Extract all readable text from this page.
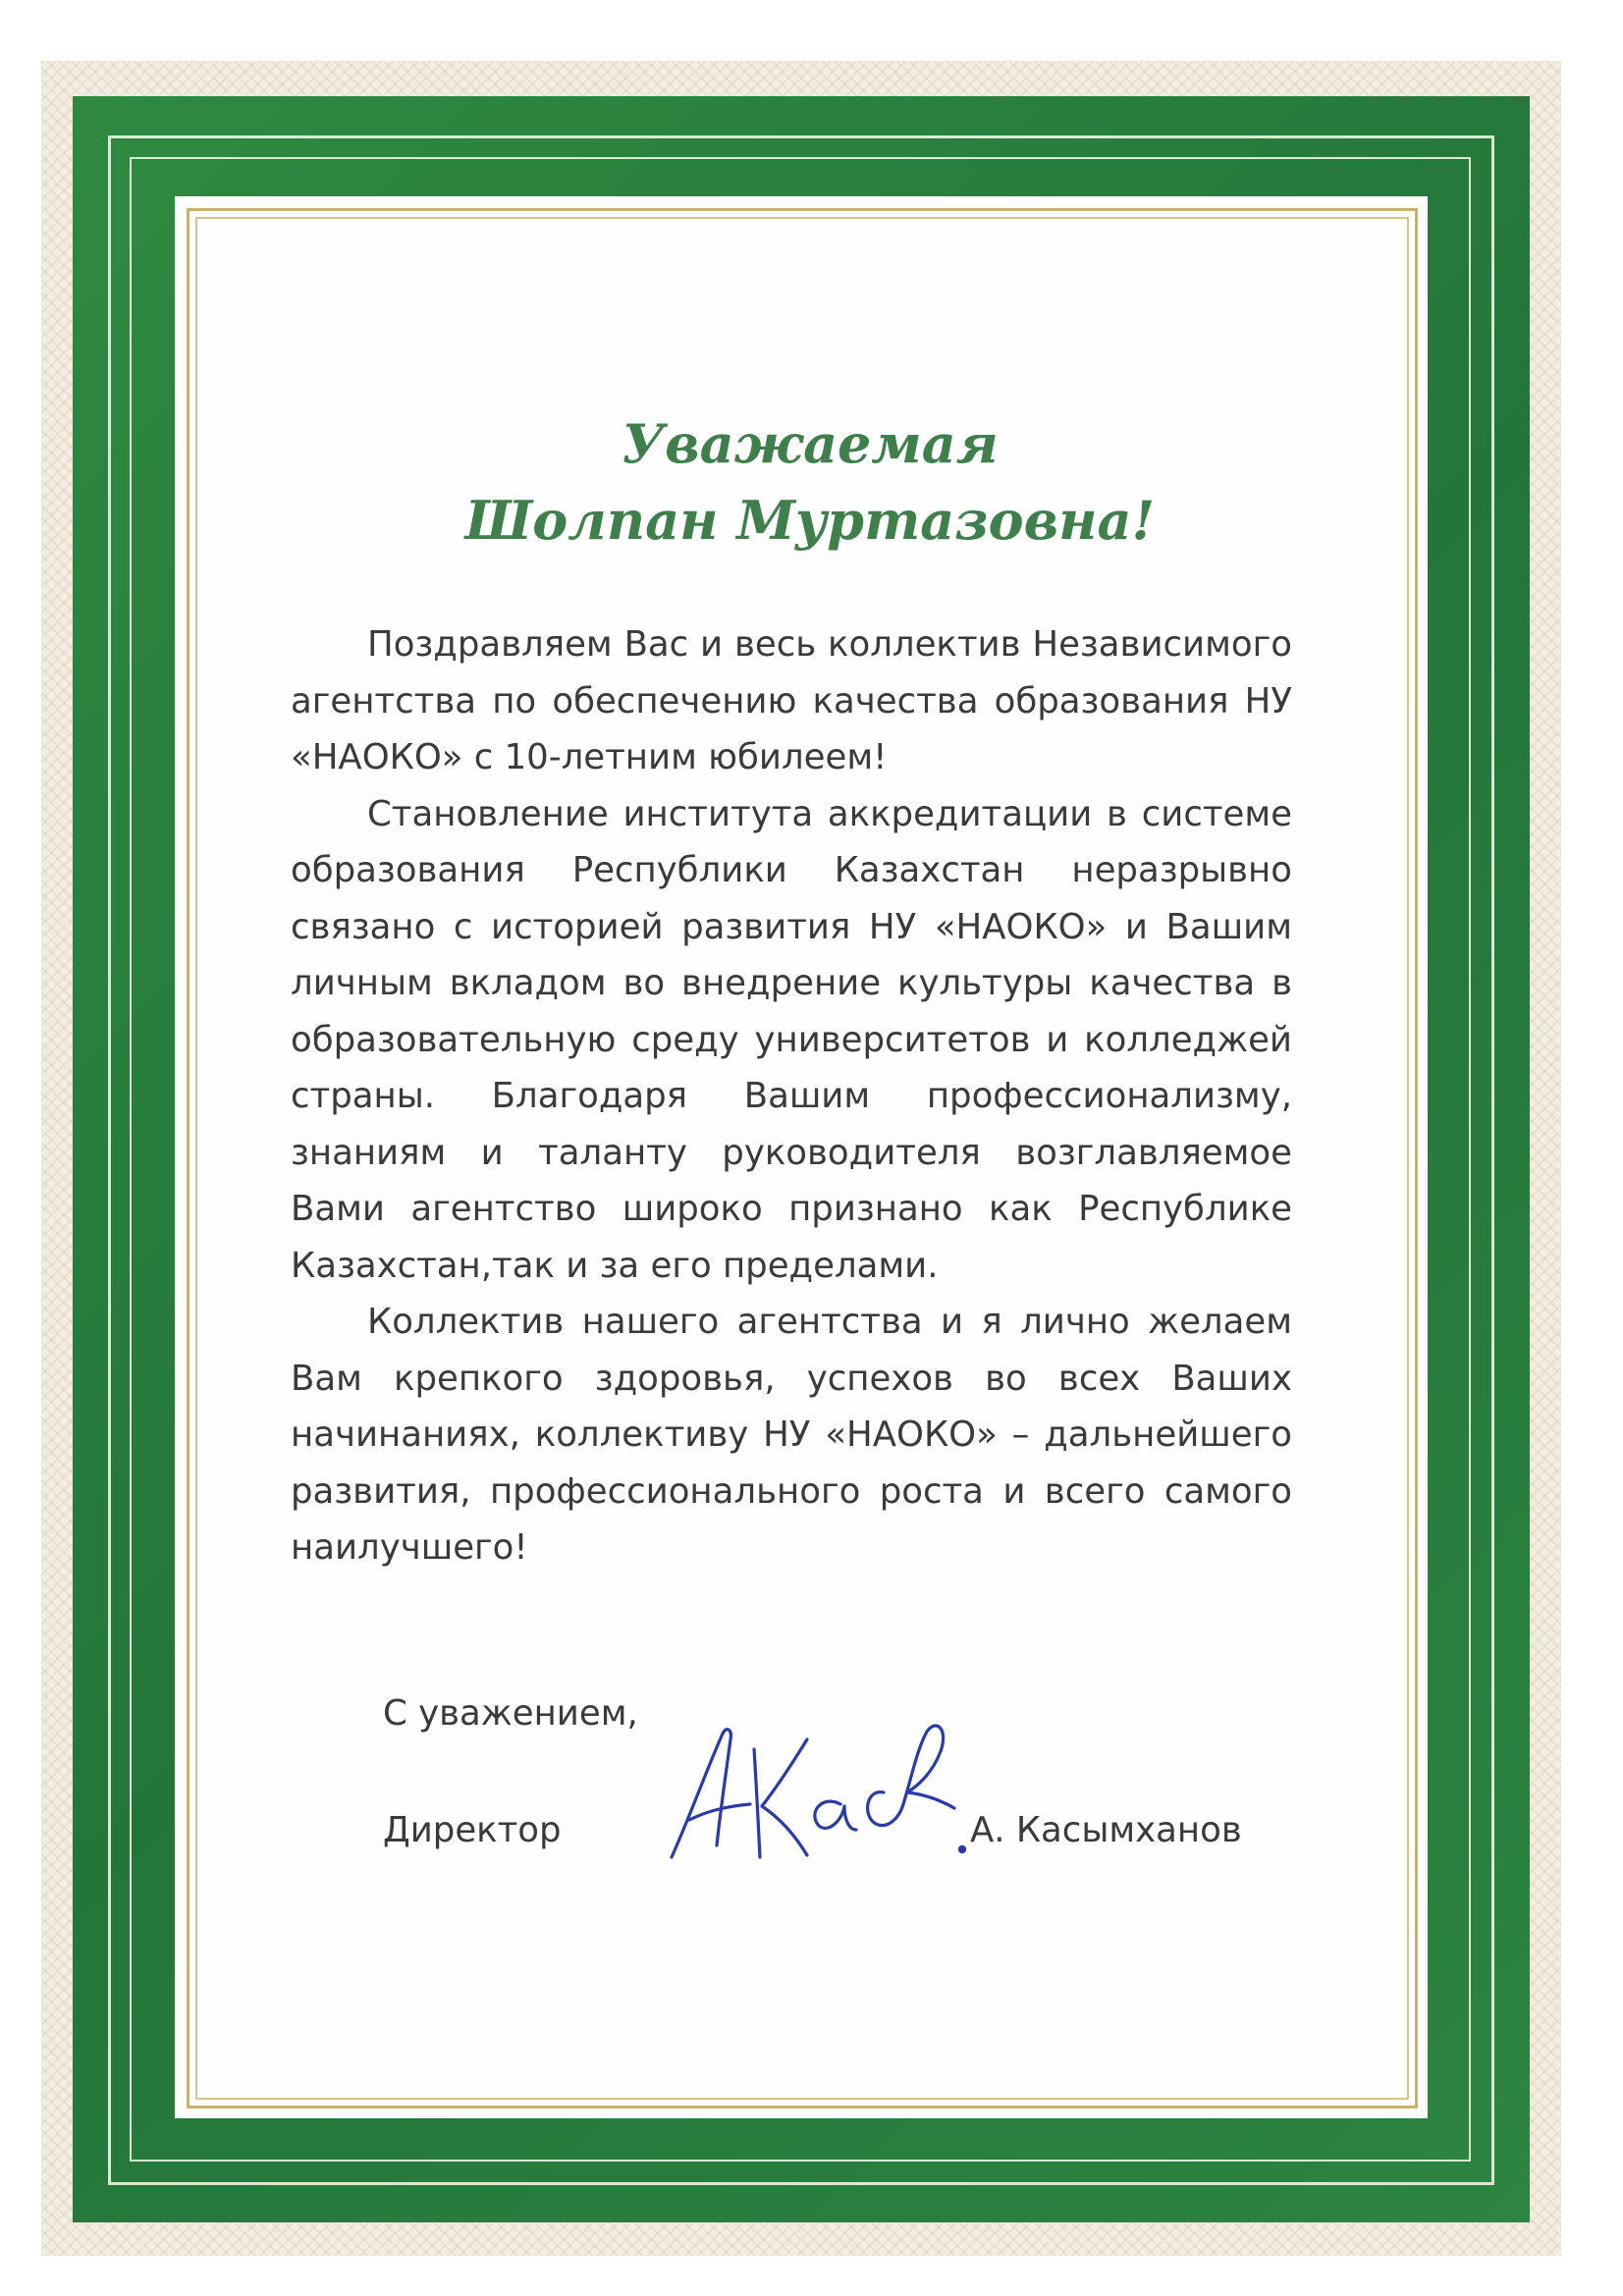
Уважаемая
Шолпан Муртазовна!

Поздравляем Вас и весь коллектив Независимого агентства по обеспечению качества образования НУ «НАОКО» с 10-летним юбилеем!

Становление института аккредитации в системе образования Республики Казахстан неразрывно связано с историей развития НУ «НАОКО» и Вашим личным вкладом во внедрение культуры качества в образовательную среду университетов и колледжей страны. Благодаря Вашим профессионализму, знаниям и таланту руководителя возглавляемое Вами агентство широко признано как Республике Казахстан,так и за его пределами.

Коллектив нашего агентства и я лично желаем Вам крепкого здоровья, успехов во всех Ваших начинаниях, коллективу НУ «НАОКО» – дальнейшего развития, профессионального роста и всего самого наилучшего!

С уважением,

Директор	А. Касымханов
